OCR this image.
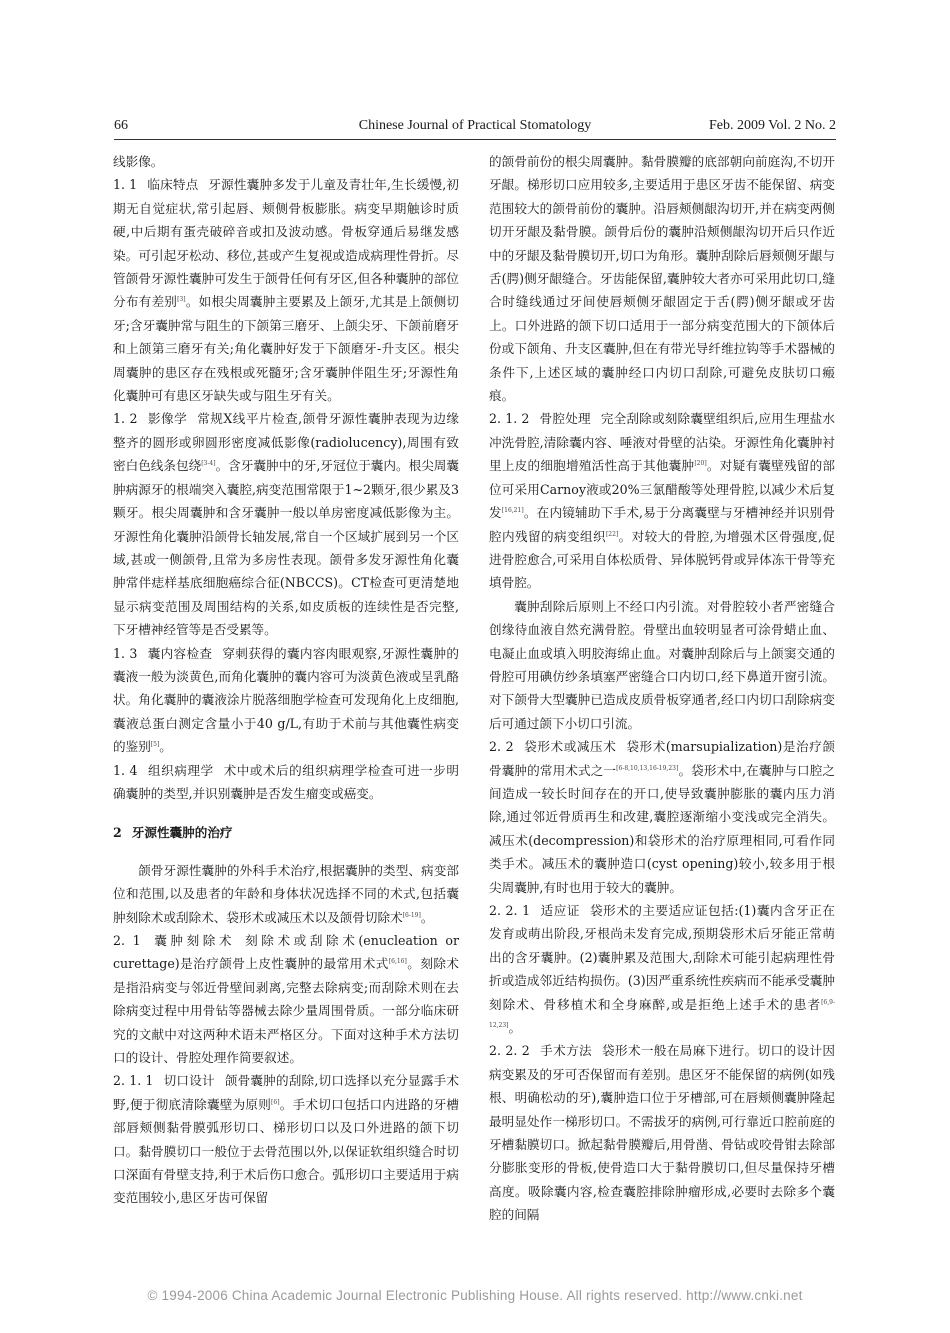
66	Chinese Journal of Practical Stomatology	Feb. 2009 Vol. 2 No. 2

线影像。

1. 1 临床特点 牙源性囊肿多发于儿童及青壮年,生长缓慢,初期无自觉症状,常引起唇、颊侧骨板膨胀。病变早期触诊时质硬,中后期有蛋壳破碎音或扣及波动感。骨板穿通后易继发感染。可引起牙松动、移位,甚或产生复视或造成病理性骨折。尽管颌骨牙源性囊肿可发生于颌骨任何有牙区,但各种囊肿的部位分布有差别[3]。如根尖周囊肿主要累及上颌牙,尤其是上颌侧切牙;含牙囊肿常与阻生的下颌第三磨牙、上颌尖牙、下颌前磨牙和上颌第三磨牙有关;角化囊肿好发于下颌磨牙-升支区。根尖周囊肿的患区存在残根或死髓牙;含牙囊肿伴阻生牙;牙源性角化囊肿可有患区牙缺失或与阻生牙有关。

1. 2 影像学 常规X线平片检查,颌骨牙源性囊肿表现为边缘整齐的圆形或卵圆形密度减低影像(radiolucency),周围有致密白色线条包绕[3-4]。含牙囊肿中的牙,牙冠位于囊内。根尖周囊肿病源牙的根端突入囊腔,病变范围常限于1~2颗牙,很少累及3颗牙。根尖周囊肿和含牙囊肿一般以单房密度减低影像为主。牙源性角化囊肿沿颌骨长轴发展,常自一个区域扩展到另一个区域,甚或一侧颌骨,且常为多房性表现。颌骨多发牙源性角化囊肿常伴痣样基底细胞癌综合征(NBCCS)。CT检查可更清楚地显示病变范围及周围结构的关系,如皮质板的连续性是否完整,下牙槽神经管等是否受累等。

1. 3 囊内容检查 穿刺获得的囊内容肉眼观察,牙源性囊肿的囊液一般为淡黄色,而角化囊肿的囊内容可为淡黄色液或呈乳酪状。角化囊肿的囊液涂片脱落细胞学检查可发现角化上皮细胞,囊液总蛋白测定含量小于40 g/L,有助于术前与其他囊性病变的鉴别[5]。

1. 4 组织病理学 术中或术后的组织病理学检查可进一步明确囊肿的类型,并识别囊肿是否发生瘤变或癌变。

2 牙源性囊肿的治疗

颌骨牙源性囊肿的外科手术治疗,根据囊肿的类型、病变部位和范围,以及患者的年龄和身体状况选择不同的术式,包括囊肿刻除术或刮除术、袋形术或减压术以及颌骨切除术[6-19]。

2. 1 囊肿刻除术 刻除术或刮除术(enucleation or curettage)是治疗颌骨上皮性囊肿的最常用术式[6,16]。刻除术是指沿病变与邻近骨壁间剥离,完整去除病变;而刮除术则在去除病变过程中用骨钻等器械去除少量周围骨质。一部分临床研究的文献中对这两种术语未严格区分。下面对这种手术方法切口的设计、骨腔处理作简要叙述。

2. 1. 1 切口设计 颌骨囊肿的刮除,切口选择以充分显露手术野,便于彻底清除囊壁为原则[6]。手术切口包括口内进路的牙槽部唇颊侧黏骨膜弧形切口、梯形切口以及口外进路的颌下切口。黏骨膜切口一般位于去骨范围以外,以保证软组织缝合时切口深面有骨壁支持,利于术后伤口愈合。弧形切口主要适用于病变范围较小,患区牙齿可保留

的颌骨前份的根尖周囊肿。黏骨膜瓣的底部朝向前庭沟,不切开牙龈。梯形切口应用较多,主要适用于患区牙齿不能保留、病变范围较大的颌骨前份的囊肿。沿唇颊侧龈沟切开,并在病变两侧切开牙龈及黏骨膜。颌骨后份的囊肿沿颊侧龈沟切开后只作近中的牙龈及黏骨膜切开,切口为角形。囊肿刮除后唇颊侧牙龈与舌(腭)侧牙龈缝合。牙齿能保留,囊肿较大者亦可采用此切口,缝合时缝线通过牙间使唇颊侧牙龈固定于舌(腭)侧牙龈或牙齿上。口外进路的颌下切口适用于一部分病变范围大的下颌体后份或下颌角、升支区囊肿,但在有带光导纤维拉钩等手术器械的条件下,上述区域的囊肿经口内切口刮除,可避免皮肤切口瘢痕。

2. 1. 2 骨腔处理 完全刮除或刻除囊壁组织后,应用生理盐水冲洗骨腔,清除囊内容、唾液对骨壁的沾染。牙源性角化囊肿衬里上皮的细胞增殖活性高于其他囊肿[20]。对疑有囊壁残留的部位可采用Carnoy液或20%三氯醋酸等处理骨腔,以减少术后复发[16,21]。在内镜辅助下手术,易于分离囊壁与牙槽神经并识别骨腔内残留的病变组织[22]。对较大的骨腔,为增强术区骨强度,促进骨腔愈合,可采用自体松质骨、异体脱钙骨或异体冻干骨等充填骨腔。

囊肿刮除后原则上不经口内引流。对骨腔较小者严密缝合创缘待血液自然充满骨腔。骨壁出血较明显者可涂骨蜡止血、电凝止血或填入明胶海绵止血。对囊肿刮除后与上颌窦交通的骨腔可用碘仿纱条填塞严密缝合口内切口,经下鼻道开窗引流。对下颌骨大型囊肿已造成皮质骨板穿通者,经口内切口刮除病变后可通过颌下小切口引流。

2. 2 袋形术或减压术 袋形术(marsupialization)是治疗颌骨囊肿的常用术式之一[6-8,10,13,16-19,23]。袋形术中,在囊肿与口腔之间造成一较长时间存在的开口,使导致囊肿膨胀的囊内压力消除,通过邻近骨质再生和改建,囊腔逐渐缩小变浅或完全消失。减压术(decompression)和袋形术的治疗原理相同,可看作同类手术。减压术的囊肿造口(cyst opening)较小,较多用于根尖周囊肿,有时也用于较大的囊肿。

2. 2. 1 适应证 袋形术的主要适应证包括:(1)囊内含牙正在发育或萌出阶段,牙根尚未发育完成,预期袋形术后牙能正常萌出的含牙囊肿。(2)囊肿累及范围大,刮除术可能引起病理性骨折或造成邻近结构损伤。(3)因严重系统性疾病而不能承受囊肿刻除术、骨移植术和全身麻醉,或是拒绝上述手术的患者[6,9-12,23]。

2. 2. 2 手术方法 袋形术一般在局麻下进行。切口的设计因病变累及的牙可否保留而有差别。患区牙不能保留的病例(如残根、明确松动的牙),囊肿造口位于牙槽部,可在唇颊侧囊肿隆起最明显处作一梯形切口。不需拔牙的病例,可行靠近口腔前庭的牙槽黏膜切口。掀起黏骨膜瓣后,用骨凿、骨钻或咬骨钳去除部分膨胀变形的骨板,使骨造口大于黏骨膜切口,但尽量保持牙槽高度。吸除囊内容,检查囊腔排除肿瘤形成,必要时去除多个囊腔的间隔

© 1994-2006 China Academic Journal Electronic Publishing House. All rights reserved. http://www.cnki.net
